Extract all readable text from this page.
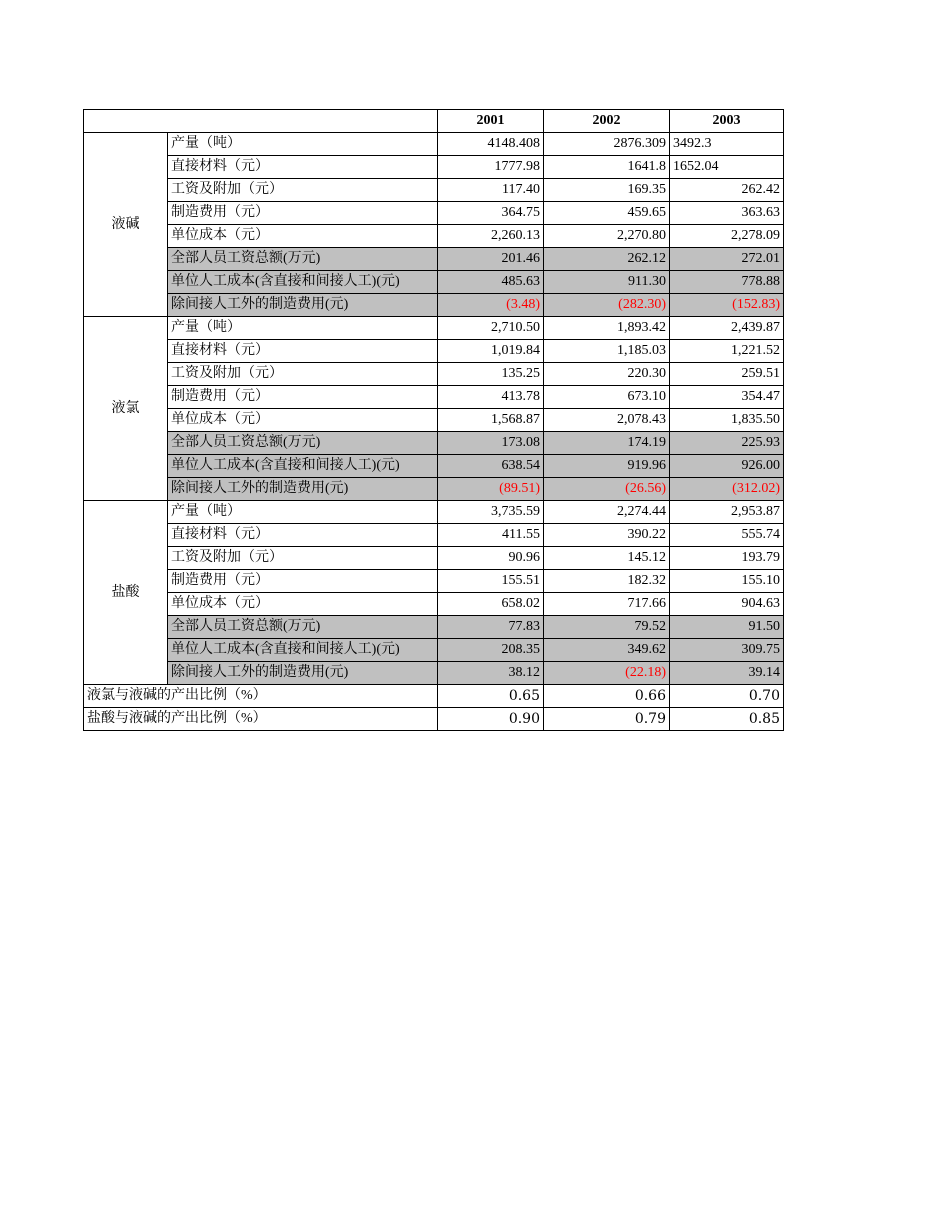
		2001	2002	2003
液碱	产量（吨）	4148.408	2876.309	3492.3
	直接材料（元）	1777.98	1641.8	1652.04
	工资及附加（元）	117.40	169.35	262.42
	制造费用（元）	364.75	459.65	363.63
	单位成本（元）	2,260.13	2,270.80	2,278.09
	全部人员工资总额(万元)	201.46	262.12	272.01
	单位人工成本(含直接和间接人工)(元)	485.63	911.30	778.88
	除间接人工外的制造费用(元)	(3.48)	(282.30)	(152.83)
液氯	产量（吨）	2,710.50	1,893.42	2,439.87
	直接材料（元）	1,019.84	1,185.03	1,221.52
	工资及附加（元）	135.25	220.30	259.51
	制造费用（元）	413.78	673.10	354.47
	单位成本（元）	1,568.87	2,078.43	1,835.50
	全部人员工资总额(万元)	173.08	174.19	225.93
	单位人工成本(含直接和间接人工)(元)	638.54	919.96	926.00
	除间接人工外的制造费用(元)	(89.51)	(26.56)	(312.02)
盐酸	产量（吨）	3,735.59	2,274.44	2,953.87
	直接材料（元）	411.55	390.22	555.74
	工资及附加（元）	90.96	145.12	193.79
	制造费用（元）	155.51	182.32	155.10
	单位成本（元）	658.02	717.66	904.63
	全部人员工资总额(万元)	77.83	79.52	91.50
	单位人工成本(含直接和间接人工)(元)	208.35	349.62	309.75
	除间接人工外的制造费用(元)	38.12	(22.18)	39.14
液氯与液碱的产出比例（%）		0.65	0.66	0.70
盐酸与液碱的产出比例（%）		0.90	0.79	0.85
